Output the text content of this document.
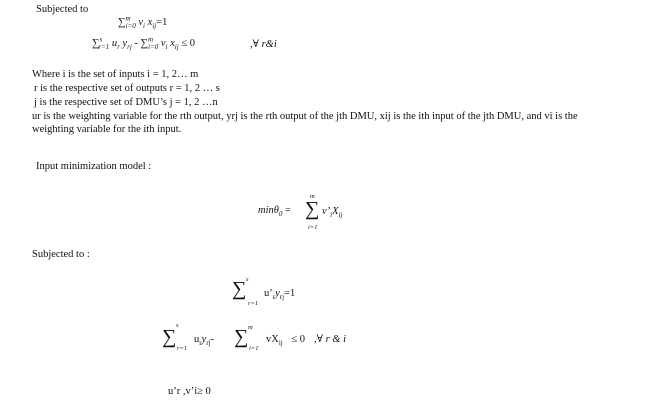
Subjected to
∑$^m_{i=0}$ $v_i$ $x_{ij}=1$
∑$^s_{r=1}$ $u_r$ $y_{rj} - \sum^m_{i=0}$ $v_i$ $x_{ij} \le 0$	,∀ r&i
Where i is the set of inputs i = 1, 2… m
r is the respective set of outputs r = 1, 2 … s
j is the respective set of DMU’s j = 1, 2 …n
ur is the weighting variable for the rth output, yrj is the rth output of the jth DMU, xij is the ith input of the jth DMU, and vi is the weighting variable for the ith input.
Input minimization model :
minθ$_0$ =
m
∑
i=1
$v’_iX_{ij}$
Subjected to :
s
∑
r=1
$u’_ry_{rj}=1$
s
∑
r=1
$u_ry_{rj}-$
m
∑
i=1
$vX_{ij} \le 0$ ,∀ r & i
u’r ,v’i≥ 0
